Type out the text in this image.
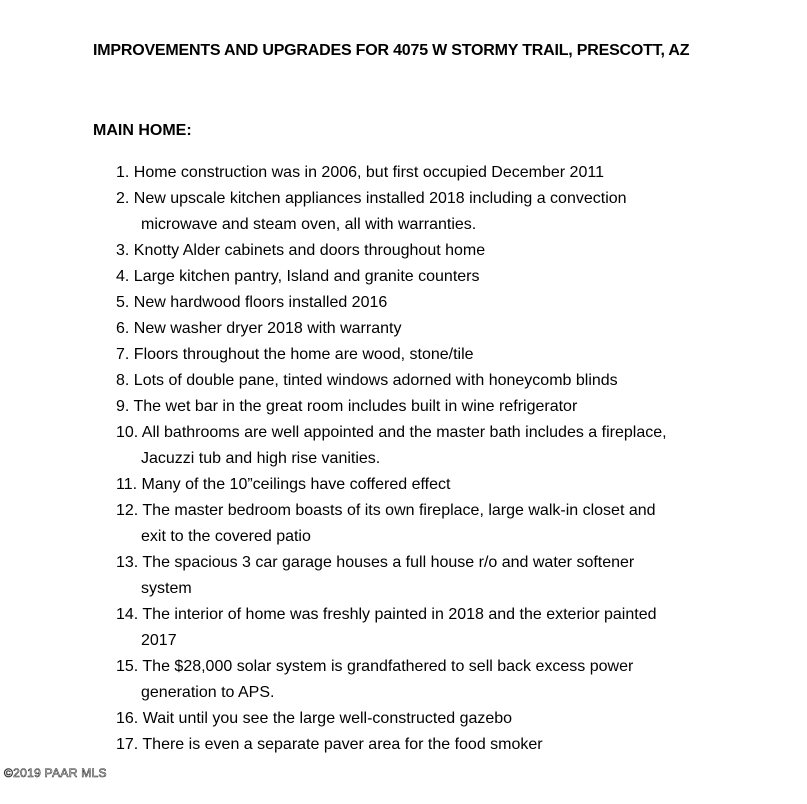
IMPROVEMENTS AND UPGRADES FOR 4075 W STORMY TRAIL, PRESCOTT, AZ
MAIN HOME:
1. Home construction was in 2006, but first occupied December 2011
2. New upscale kitchen appliances installed 2018 including a convection
microwave and steam oven, all with warranties.
3. Knotty Alder cabinets and doors throughout home
4. Large kitchen pantry, Island and granite counters
5. New hardwood floors installed 2016
6. New washer dryer 2018 with warranty
7. Floors throughout the home are wood, stone/tile
8. Lots of double pane, tinted windows adorned with honeycomb blinds
9. The wet bar in the great room includes built in wine refrigerator
10. All bathrooms are well appointed and the master bath includes a fireplace,
Jacuzzi tub and high rise vanities.
11. Many of the 10”ceilings have coffered effect
12. The master bedroom boasts of its own fireplace, large walk-in closet and
exit to the covered patio
13. The spacious 3 car garage houses a full house r/o and water softener
system
14. The interior of home was freshly painted in 2018 and the exterior painted
2017
15. The $28,000 solar system is grandfathered to sell back excess power
generation to APS.
16. Wait until you see the large well-constructed gazebo
17. There is even a separate paver area for the food smoker
©2019 PAAR MLS
